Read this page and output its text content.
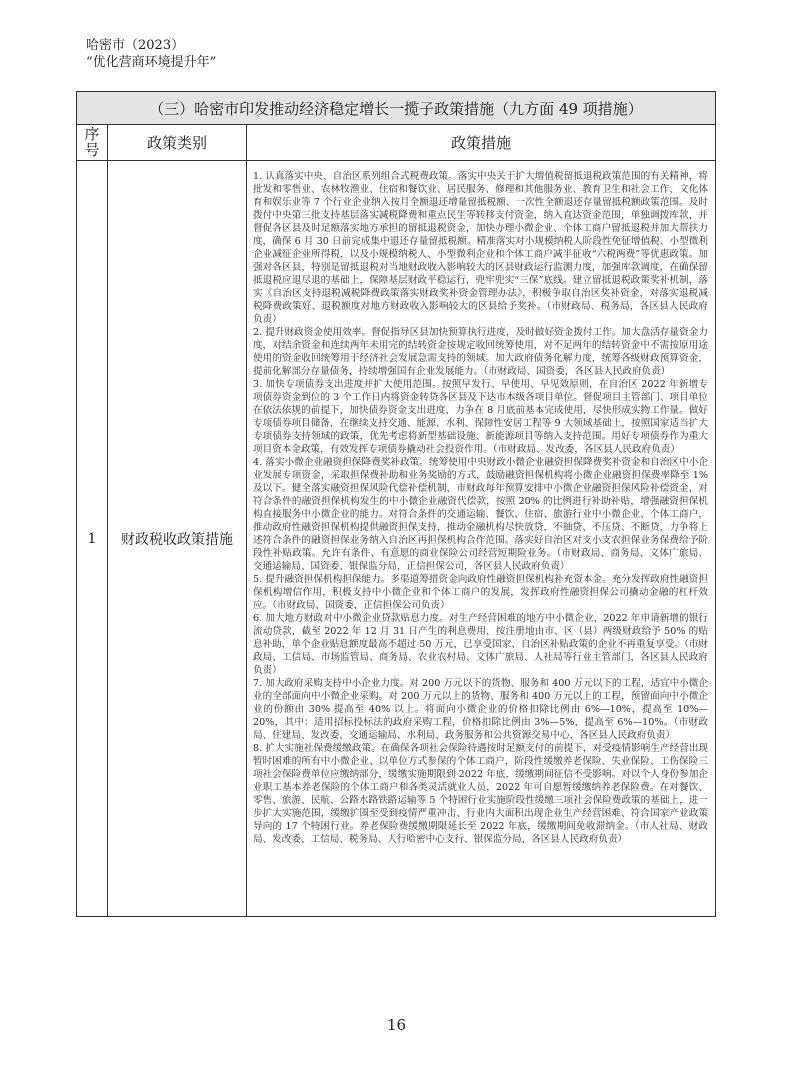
哈密市（2023）
“优化营商环境提升年”
（三）哈密市印发推动经济稳定增长一揽子政策措施（九方面 49 项措施）
序
号	政策类别	政策措施
1	财政税收政策措施

1. 认真落实中央、自治区系列组合式税费政策。落实中央关于扩大增值税留抵退税政策范围的有关精神，将批发和零售业、农林牧渔业、住宿和餐饮业、居民服务、修理和其他服务业、教育卫生和社会工作、文化体育和娱乐业等 7 个行业企业纳入按月全额退还增量留抵税额、一次性全额退还存量留抵税额政策范围。及时拨付中央第三批支持基层落实减税降费和重点民生等转移支付资金，纳入直达资金范围，单独调拨库款，并督促各区县及时足额落实地方承担的留抵退税资金，加快办理小微企业、个体工商户留抵退税并加大帮扶力度，确保 6 月 30 日前完成集中退还存量留抵税额。精准落实对小规模纳税人阶段性免征增值税、小型微利企业减征企业所得税，以及小规模纳税人、小型微利企业和个体工商户减半征收“六税两费”等优惠政策。加强对各区县，特别是留抵退税对当地财政收入影响较大的区县财政运行监测力度，加强库款调度，在确保留抵退税应退尽退的基础上，保障基层财政平稳运行，兜牢兜实“三保”底线。建立留抵退税政策奖补机制，落实《自治区支持退税减税降费政策落实财政奖补资金管理办法》，积极争取自治区奖补资金，对落实退税减税降费政策好、退税额度对地方财政收入影响较大的区县给予奖补。（市财政局、税务局，各区县人民政府负责）

2. 提升财政资金使用效率。督促指导区县加快预算执行进度，及时做好资金拨付工作。加大盘活存量资金力度，对结余资金和连续两年未用完的结转资金按规定收回统筹使用，对不足两年的结转资金中不需按原用途使用的资金收回统筹用于经济社会发展急需支持的领域。加大政府债务化解力度，统筹各级财政预算资金，提前化解部分存量债务，持续增强国有企业发展能力。（市财政局、国资委，各区县人民政府负责）

3. 加快专项债券支出进度并扩大使用范围。按照早发行、早使用、早见效原则，在自治区 2022 年新增专项债券资金到位的 3 个工作日内将资金转贷各区县及下达市本级各项目单位。督促项目主管部门、项目单位在依法依规的前提下，加快债券资金支出进度，力争在 8 月底前基本完成使用，尽快形成实物工作量。做好专项债券项目储备，在继续支持交通、能源、水利、保障性安居工程等 9 大领域基础上，按照国家适当扩大专项债券支持领域的政策，优先考虑将新型基础设施、新能源项目等纳入支持范围。用好专项债券作为重大项目资本金政策，有效发挥专项债券撬动社会投资作用。（市财政局、发改委，各区县人民政府负责）

4. 落实小微企业融资担保降费奖补政策。统筹使用中央财政小微企业融资担保降费奖补资金和自治区中小企业发展专项资金，采取担保费补助和业务奖励的方式，鼓励融资担保机构将小微企业融资担保费率降至 1% 及以下。健全落实融资担保风险代偿补偿机制，市财政每年预算安排中小微企业融资担保风险补偿资金，对符合条件的融资担保机构发生的中小微企业融资代偿款，按照 20% 的比例进行补助补贴，增强融资担保机构直接服务中小微企业的能力。对符合条件的交通运输、餐饮、住宿、旅游行业中小微企业、个体工商户，推动政府性融资担保机构提供融资担保支持，推动金融机构尽快放贷，不抽贷、不压贷、不断贷，力争将上述符合条件的融资担保业务纳入自治区再担保机构合作范围。落实好自治区对支小支农担保业务保费给予阶段性补贴政策。允许有条件、有意愿的商业保险公司经营短期险业务。（市财政局、商务局、文体广旅局、交通运输局、国资委、银保监分局，正信担保公司，各区县人民政府负责）

5. 提升融资担保机构担保能力。多渠道筹措资金向政府性融资担保机构补充资本金。充分发挥政府性融资担保机构增信作用，积极支持中小微企业和个体工商户的发展，发挥政府性融资担保公司撬动金融的杠杆效应。（市财政局、国资委，正信担保公司负责）

6. 加大地方财政对中小微企业贷款贴息力度。对生产经营困难的地方中小微企业，2022 年申请新增的银行流动贷款，截至 2022 年 12 月 31 日产生的利息费用，按注册地由市、区（县）两级财政给予 50% 的贴息补助，单个企业贴息额度最高不超过 50 万元，已享受国家、自治区补贴政策的企业不再重复享受。（市财政局、工信局、市场监管局、商务局、农业农村局、文体广旅局、人社局等行业主管部门，各区县人民政府负责）

7. 加大政府采购支持中小企业力度。对 200 万元以下的货物、服务和 400 万元以下的工程，适宜中小微企业的全部面向中小微企业采购。对 200 万元以上的货物、服务和 400 万元以上的工程，预留面向中小微企业的份额由 30% 提高至 40% 以上。将面向小微企业的价格扣除比例由 6%—10%，提高至 10%—20%，其中：适用招标投标法的政府采购工程，价格扣除比例由 3%—5%，提高至 6%—10%。（市财政局、住建局、发改委、交通运输局、水利局、政务服务和公共资源交易中心，各区县人民政府负责）

8. 扩大实施社保费缓缴政策。在确保各项社会保险待遇按时足额支付的前提下，对受疫情影响生产经营出现暂时困难的所有中小微企业、以单位方式参保的个体工商户，阶段性缓缴养老保险、失业保险、工伤保险三项社会保险费单位应缴纳部分，缓缴实施期限到 2022 年底，缓缴期间征信不受影响。对以个人身份参加企业职工基本养老保险的个体工商户和各类灵活就业人员，2022 年可自愿暂缓缴纳养老保险费。在对餐饮、零售、旅游、民航、公路水路铁路运输等 5 个特困行业实施阶段性缓缴三项社会保险费政策的基础上，进一步扩大实施范围，缓缴扩围至受到疫情严重冲击、行业内大面积出现企业生产经营困难、符合国家产业政策导向的 17 个特困行业。养老保险费缓缴期限延长至 2022 年底，缓缴期间免收滞纳金。（市人社局、财政局、发改委、工信局、税务局、人行哈密中心支行、银保监分局，各区县人民政府负责）

16
